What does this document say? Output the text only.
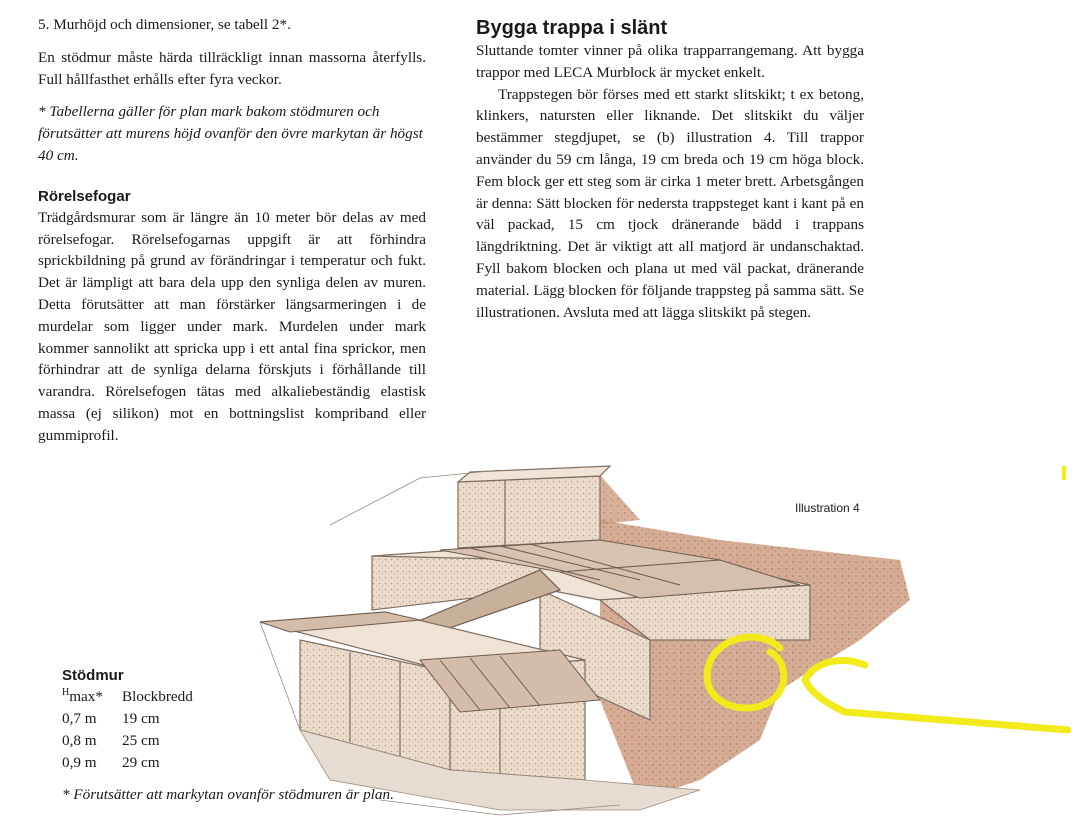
5. Murhöjd och dimensioner, se tabell 2*.

En stödmur måste härda tillräckligt innan massorna återfylls. Full hållfasthet erhålls efter fyra veckor.

* Tabellerna gäller för plan mark bakom stödmuren och förutsätter att murens höjd ovanför den övre markytan är högst 40 cm.

Rörelsefogar

Trädgårdsmurar som är längre än 10 meter bör delas av med rörelsefogar. Rörelsefogarnas uppgift är att förhindra sprickbildning på grund av förändringar i temperatur och fukt. Det är lämpligt att bara dela upp den synliga delen av muren. Detta förutsätter att man förstärker längsarmeringen i de murdelar som ligger under mark. Murdelen under mark kommer sannolikt att spricka upp i ett antal fina sprickor, men förhindrar att de synliga delarna förskjuts i förhållande till varandra. Rörelsefogen tätas med alkaliebeständig elastisk massa (ej silikon) mot en bottningslist kompriband eller gummiprofil.

Bygga trappa i slänt

Sluttande tomter vinner på olika trapparrangemang. Att bygga trappor med LECA Murblock är mycket enkelt.

Trappstegen bör förses med ett starkt slitskikt; t ex betong, klinkers, natursten eller liknande. Det slitskikt du väljer bestämmer stegdjupet, se (b) illustration 4. Till trappor använder du 59 cm långa, 19 cm breda och 19 cm höga block. Fem block ger ett steg som är cirka 1 meter brett. Arbetsgången är denna: Sätt blocken för nedersta trappsteget kant i kant på en väl packad, 15 cm tjock dränerande bädd i trappans längdriktning. Det är viktigt att all matjord är undanschaktad. Fyll bakom blocken och plana ut med väl packat, dränerande material. Lägg blocken för följande trappsteg på samma sätt. Se illustrationen. Avsluta med att lägga slitskikt på stegen.

Illustration 4
Stödmur
$^H$max*	Blockbredd
0,7 m	19 cm
0,8 m	25 cm
0,9 m	29 cm
* Förutsätter att markytan ovanför stödmuren är plan.
